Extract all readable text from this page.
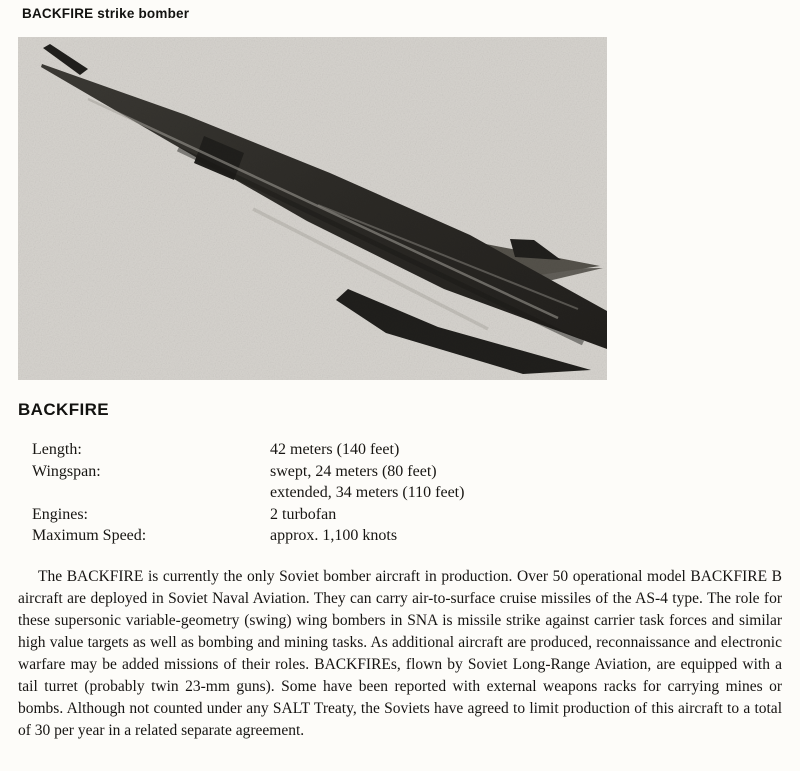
BACKFIRE strike bomber
BACKFIRE
Length:	42 meters (140 feet)
Wingspan:	swept, 24 meters (80 feet)
extended, 34 meters (110 feet)
Engines:	2 turbofan
Maximum Speed:	approx. 1,100 knots

The BACKFIRE is currently the only Soviet bomber aircraft in production. Over 50 operational model BACKFIRE B aircraft are deployed in Soviet Naval Aviation. They can carry air-to-surface cruise missiles of the AS-4 type. The role for these supersonic variable-geometry (swing) wing bombers in SNA is missile strike against carrier task forces and similar high value targets as well as bombing and mining tasks. As additional aircraft are produced, reconnaissance and electronic warfare may be added missions of their roles. BACKFIREs, flown by Soviet Long-Range Aviation, are equipped with a tail turret (probably twin 23-mm guns). Some have been reported with external weapons racks for carrying mines or bombs. Although not counted under any SALT Treaty, the Soviets have agreed to limit production of this aircraft to a total of 30 per year in a related separate agreement.
